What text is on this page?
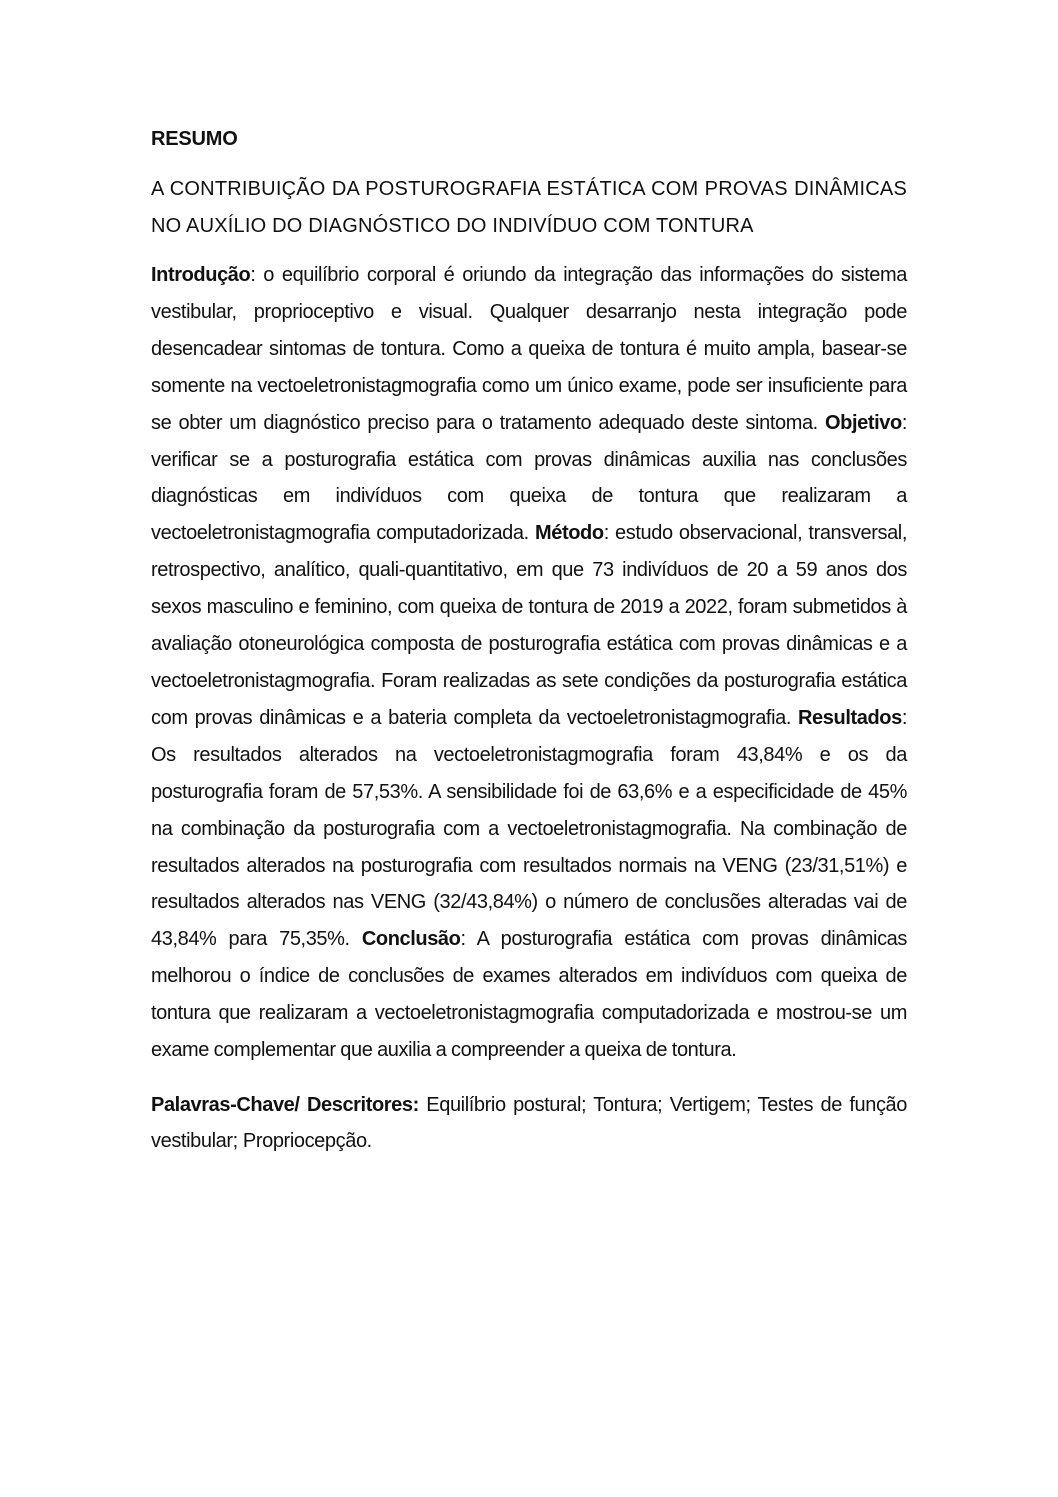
RESUMO
A CONTRIBUIÇÃO DA POSTUROGRAFIA ESTÁTICA COM PROVAS DINÂMICAS NO AUXÍLIO DO DIAGNÓSTICO DO INDIVÍDUO COM TONTURA

Introdução: o equilíbrio corporal é oriundo da integração das informações do sistema vestibular, proprioceptivo e visual. Qualquer desarranjo nesta integração pode desencadear sintomas de tontura. Como a queixa de tontura é muito ampla, basear-se somente na vectoeletronistagmografia como um único exame, pode ser insuficiente para se obter um diagnóstico preciso para o tratamento adequado deste sintoma. Objetivo: verificar se a posturografia estática com provas dinâmicas auxilia nas conclusões diagnósticas em indivíduos com queixa de tontura que realizaram a vectoeletronistagmografia computadorizada. Método: estudo observacional, transversal, retrospectivo, analítico, quali-quantitativo, em que 73 indivíduos de 20 a 59 anos dos sexos masculino e feminino, com queixa de tontura de 2019 a 2022, foram submetidos à avaliação otoneurológica composta de posturografia estática com provas dinâmicas e a vectoeletronistagmografia. Foram realizadas as sete condições da posturografia estática com provas dinâmicas e a bateria completa da vectoeletronistagmografia. Resultados: Os resultados alterados na vectoeletronistagmografia foram 43,84% e os da posturografia foram de 57,53%. A sensibilidade foi de 63,6% e a especificidade de 45% na combinação da posturografia com a vectoeletronistagmografia. Na combinação de resultados alterados na posturografia com resultados normais na VENG (23/31,51%) e resultados alterados nas VENG (32/43,84%) o número de conclusões alteradas vai de 43,84% para 75,35%. Conclusão: A posturografia estática com provas dinâmicas melhorou o índice de conclusões de exames alterados em indivíduos com queixa de tontura que realizaram a vectoeletronistagmografia computadorizada e mostrou-se um exame complementar que auxilia a compreender a queixa de tontura.

Palavras-Chave/ Descritores: Equilíbrio postural; Tontura; Vertigem; Testes de função vestibular; Propriocepção.
